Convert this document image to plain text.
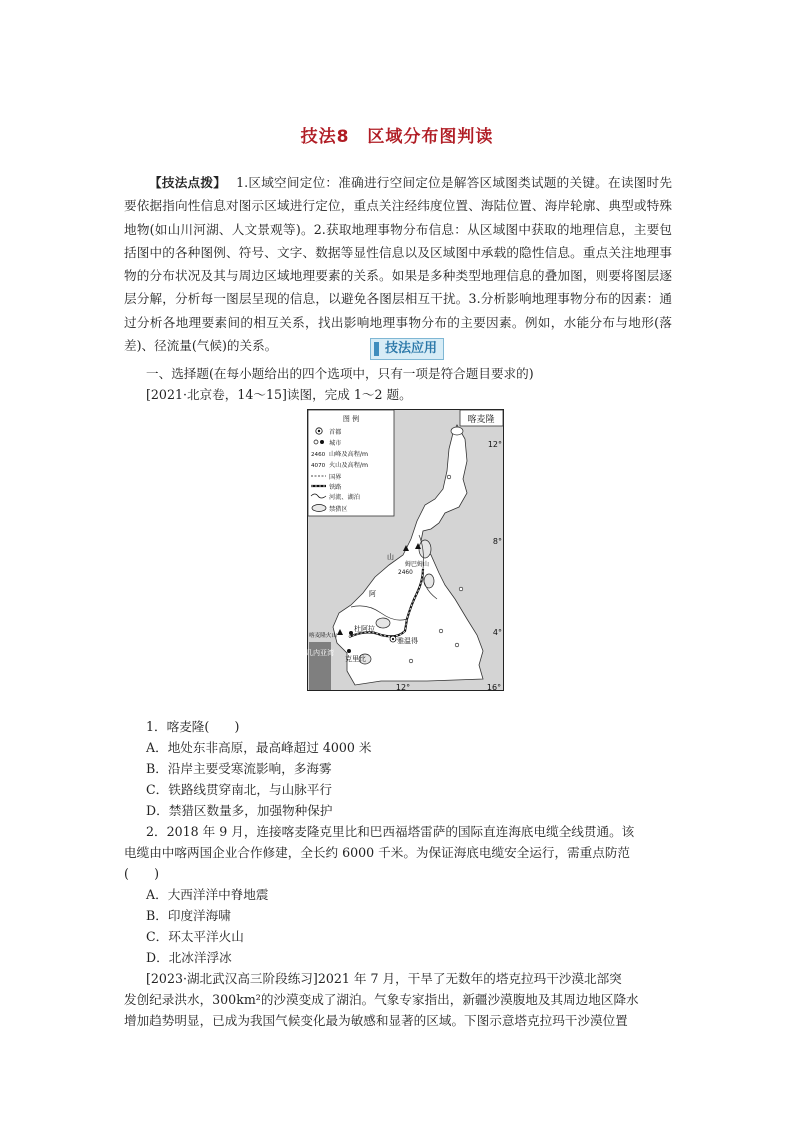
技法8　区域分布图判读
【技法点拨】 1.区域空间定位：准确进行空间定位是解答区域图类试题的关键。在读图时先要依据指向性信息对图示区域进行定位，重点关注经纬度位置、海陆位置、海岸轮廓、典型或特殊地物(如山川河湖、人文景观等)。2.获取地理事物分布信息：从区域图中获取的地理信息，主要包括图中的各种图例、符号、文字、数据等显性信息以及区域图中承载的隐性信息。重点关注地理事物的分布状况及其与周边区域地理要素的关系。如果是多种类型地理信息的叠加图，则要将图层逐层分解，分析每一图层呈现的信息，以避免各图层相互干扰。3.分析影响地理事物分布的因素：通过分析各地理要素间的相互关系，找出影响地理事物分布的主要因素。例如，水能分布与地形(落差)、径流量(气候)的关系。	技法应用
一、选择题(在每小题给出的四个选项中，只有一项是符合题目要求的)
[2021·北京卷，14～15]读图，完成 1～2 题。
图 例
首都
城市
2460 山峰及高程/m
4070 火山及高程/m
国界
铁路
河流、湖泊
禁猎区
喀麦隆
12°
8°
4°
山
姆巴姆山
2460
阿
杜阿拉
雅温得
克里比
喀麦隆火山
几内亚湾
12°	16°
1．喀麦隆(　　)
A．地处东非高原，最高峰超过 4000 米
B．沿岸主要受寒流影响，多海雾
C．铁路线贯穿南北，与山脉平行
D．禁猎区数量多，加强物种保护
2．2018 年 9 月，连接喀麦隆克里比和巴西福塔雷萨的国际直连海底电缆全线贯通。该
电缆由中喀两国企业合作修建，全长约 6000 千米。为保证海底电缆安全运行，需重点防范
(　　)
A．大西洋洋中脊地震
B．印度洋海啸
C．环太平洋火山
D．北冰洋浮冰
[2023·湖北武汉高三阶段练习]2021 年 7 月，干旱了无数年的塔克拉玛干沙漠北部突
发创纪录洪水，300km²的沙漠变成了湖泊。气象专家指出，新疆沙漠腹地及其周边地区降水
增加趋势明显，已成为我国气候变化最为敏感和显著的区域。下图示意塔克拉玛干沙漠位置
